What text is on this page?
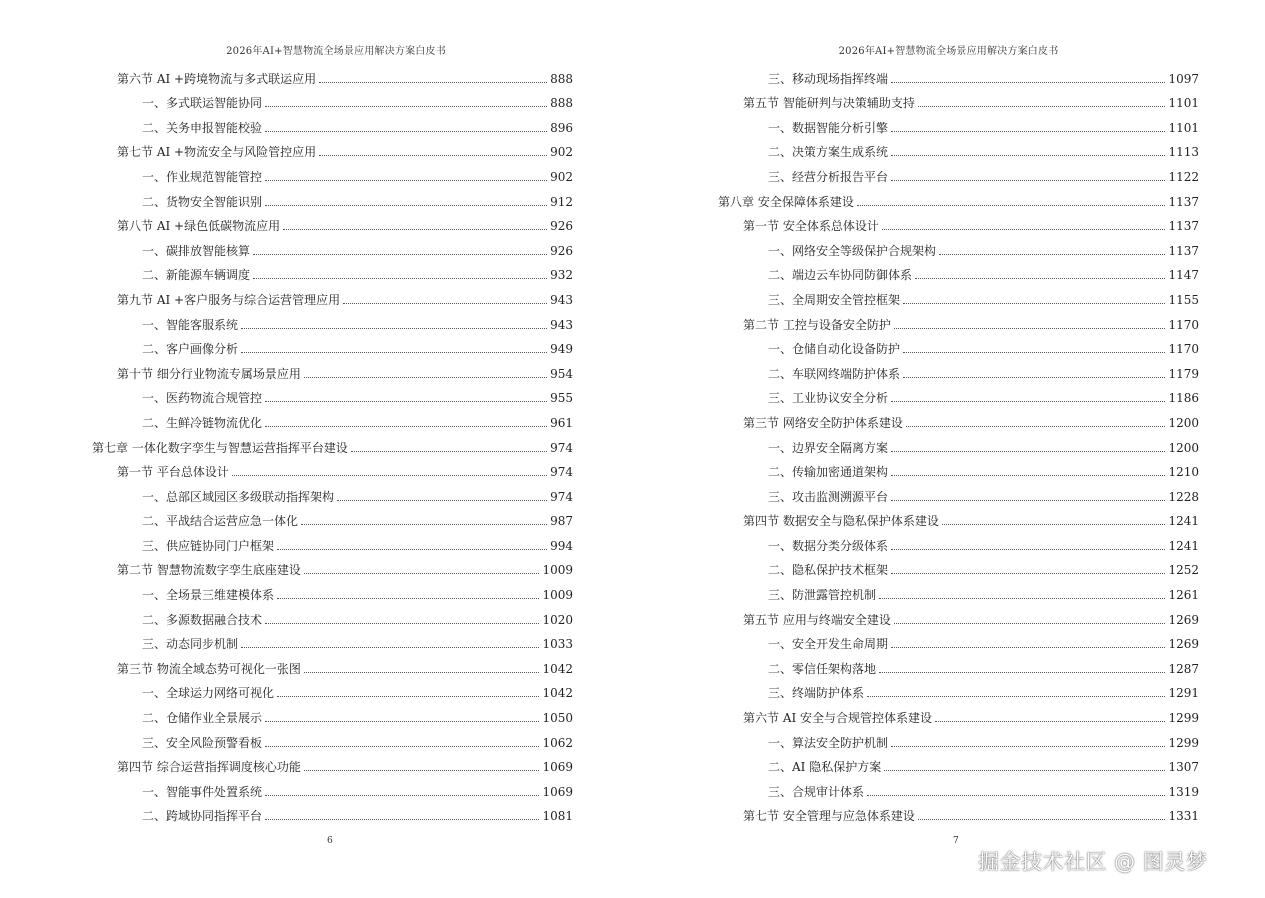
2026年AI+智慧物流全场景应用解决方案白皮书
第六节 AI +跨境物流与多式联运应用	888
一、多式联运智能协同	888
二、关务申报智能校验	896
第七节 AI +物流安全与风险管控应用	902
一、作业规范智能管控	902
二、货物安全智能识别	912
第八节 AI +绿色低碳物流应用	926
一、碳排放智能核算	926
二、新能源车辆调度	932
第九节 AI +客户服务与综合运营管理应用	943
一、智能客服系统	943
二、客户画像分析	949
第十节 细分行业物流专属场景应用	954
一、医药物流合规管控	955
二、生鲜冷链物流优化	961
第七章 一体化数字孪生与智慧运营指挥平台建设	974
第一节 平台总体设计	974
一、总部区域园区多级联动指挥架构	974
二、平战结合运营应急一体化	987
三、供应链协同门户框架	994
第二节 智慧物流数字孪生底座建设	1009
一、全场景三维建模体系	1009
二、多源数据融合技术	1020
三、动态同步机制	1033
第三节 物流全域态势可视化一张图	1042
一、全球运力网络可视化	1042
二、仓储作业全景展示	1050
三、安全风险预警看板	1062
第四节 综合运营指挥调度核心功能	1069
一、智能事件处置系统	1069
二、跨域协同指挥平台	1081
6
2026年AI+智慧物流全场景应用解决方案白皮书
三、移动现场指挥终端	1097
第五节 智能研判与决策辅助支持	1101
一、数据智能分析引擎	1101
二、决策方案生成系统	1113
三、经营分析报告平台	1122
第八章 安全保障体系建设	1137
第一节 安全体系总体设计	1137
一、网络安全等级保护合规架构	1137
二、端边云车协同防御体系	1147
三、全周期安全管控框架	1155
第二节 工控与设备安全防护	1170
一、仓储自动化设备防护	1170
二、车联网终端防护体系	1179
三、工业协议安全分析	1186
第三节 网络安全防护体系建设	1200
一、边界安全隔离方案	1200
二、传输加密通道架构	1210
三、攻击监测溯源平台	1228
第四节 数据安全与隐私保护体系建设	1241
一、数据分类分级体系	1241
二、隐私保护技术框架	1252
三、防泄露管控机制	1261
第五节 应用与终端安全建设	1269
一、安全开发生命周期	1269
二、零信任架构落地	1287
三、终端防护体系	1291
第六节 AI 安全与合规管控体系建设	1299
一、算法安全防护机制	1299
二、AI 隐私保护方案	1307
三、合规审计体系	1319
第七节 安全管理与应急体系建设	1331
7
掘金技术社区 @ 图灵梦
